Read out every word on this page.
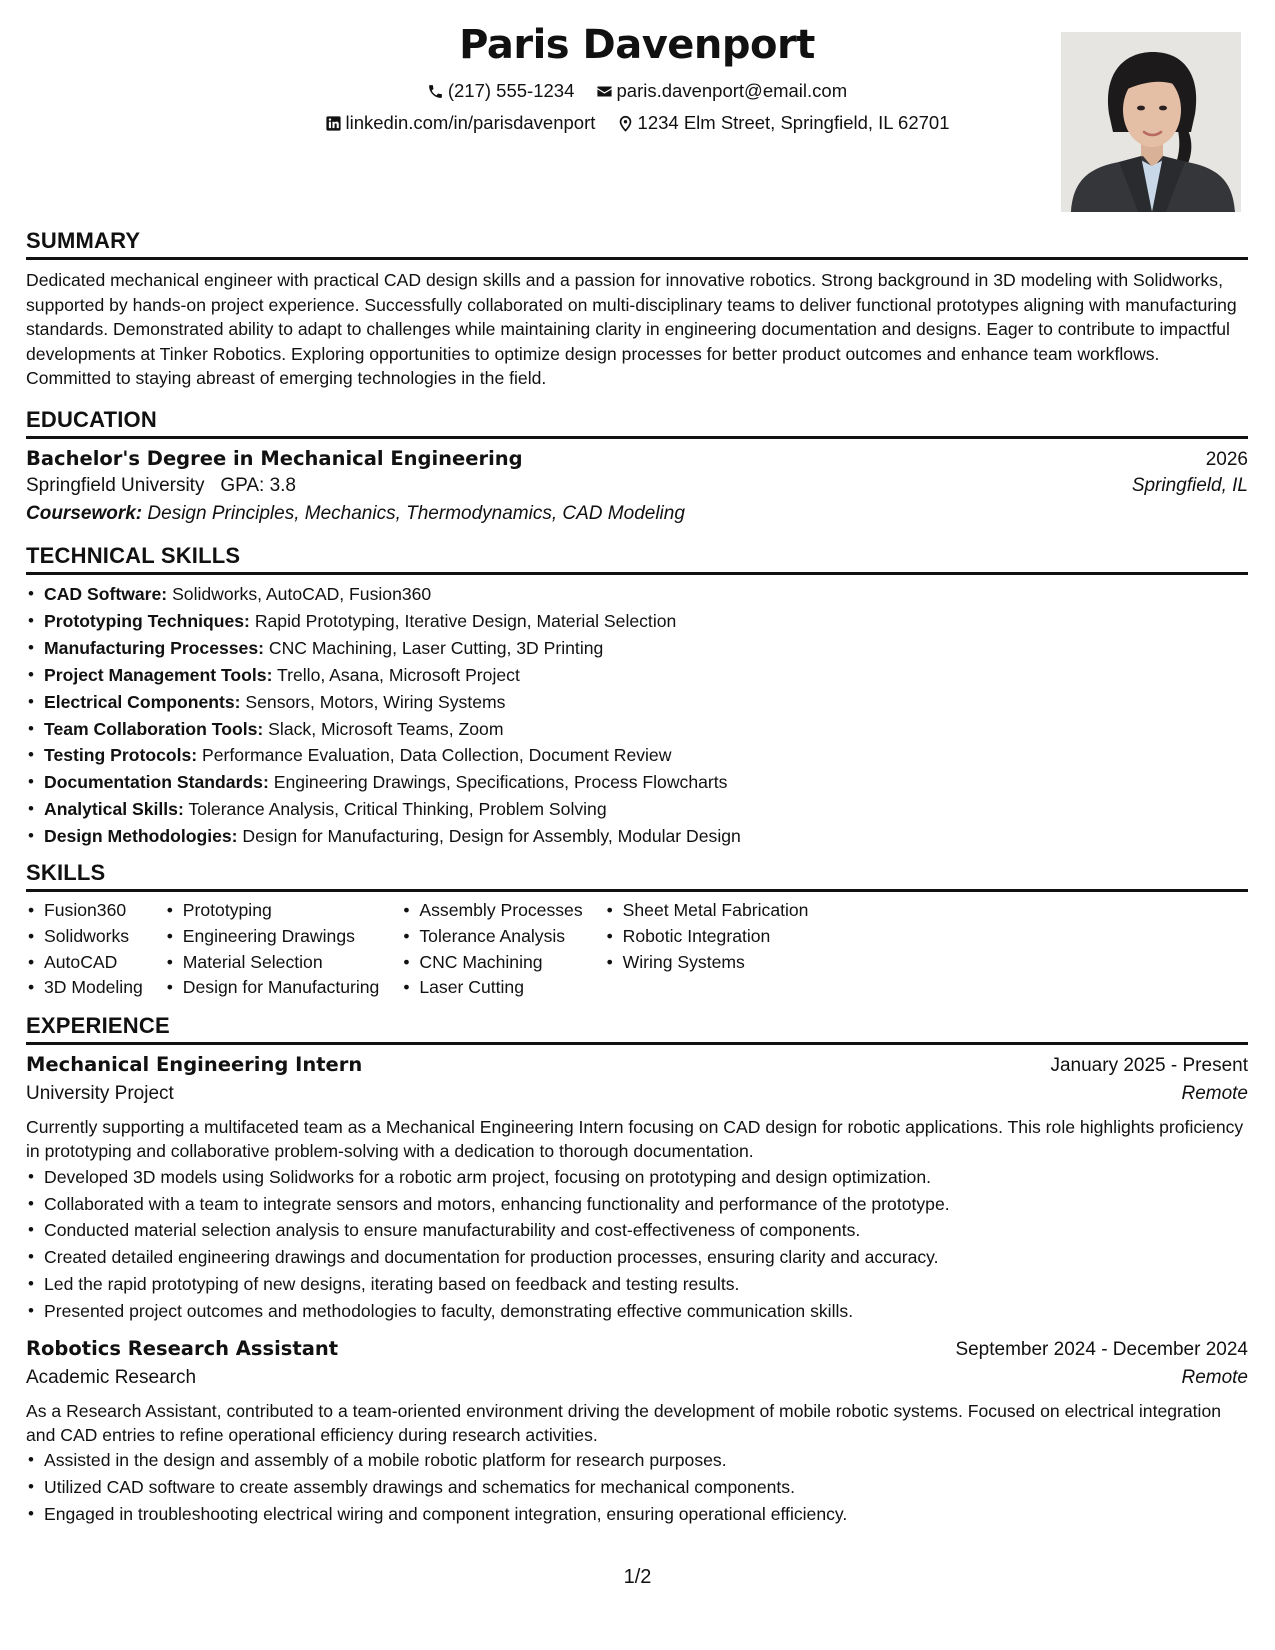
Paris Davenport
(217) 555-1234
paris.davenport@email.com
linkedin.com/in/parisdavenport
1234 Elm Street, Springfield, IL 62701
SUMMARY

Dedicated mechanical engineer with practical CAD design skills and a passion for innovative robotics. Strong background in 3D modeling with Solidworks, supported by hands-on project experience. Successfully collaborated on multi-disciplinary teams to deliver functional prototypes aligning with manufacturing standards. Demonstrated ability to adapt to challenges while maintaining clarity in engineering documentation and designs. Eager to contribute to impactful developments at Tinker Robotics. Exploring opportunities to optimize design processes for better product outcomes and enhance team workflows. Committed to staying abreast of emerging technologies in the field.

EDUCATION
Bachelor's Degree in Mechanical Engineering	2026
Springfield University GPA: 3.8	Springfield, IL
Coursework: Design Principles, Mechanics, Thermodynamics, CAD Modeling
TECHNICAL SKILLS
• CAD Software: Solidworks, AutoCAD, Fusion360
• Prototyping Techniques: Rapid Prototyping, Iterative Design, Material Selection
• Manufacturing Processes: CNC Machining, Laser Cutting, 3D Printing
• Project Management Tools: Trello, Asana, Microsoft Project
• Electrical Components: Sensors, Motors, Wiring Systems
• Team Collaboration Tools: Slack, Microsoft Teams, Zoom
• Testing Protocols: Performance Evaluation, Data Collection, Document Review
• Documentation Standards: Engineering Drawings, Specifications, Process Flowcharts
• Analytical Skills: Tolerance Analysis, Critical Thinking, Problem Solving
• Design Methodologies: Design for Manufacturing, Design for Assembly, Modular Design
SKILLS
• Fusion360
• Solidworks
• AutoCAD
• 3D Modeling
• Prototyping
• Engineering Drawings
• Material Selection
• Design for Manufacturing
• Assembly Processes
• Tolerance Analysis
• CNC Machining
• Laser Cutting
• Sheet Metal Fabrication
• Robotic Integration
• Wiring Systems
EXPERIENCE
Mechanical Engineering Intern	January 2025 - Present
University Project	Remote

Currently supporting a multifaceted team as a Mechanical Engineering Intern focusing on CAD design for robotic applications. This role highlights proficiency in prototyping and collaborative problem-solving with a dedication to thorough documentation.

• Developed 3D models using Solidworks for a robotic arm project, focusing on prototyping and design optimization.
• Collaborated with a team to integrate sensors and motors, enhancing functionality and performance of the prototype.
• Conducted material selection analysis to ensure manufacturability and cost-effectiveness of components.
• Created detailed engineering drawings and documentation for production processes, ensuring clarity and accuracy.
• Led the rapid prototyping of new designs, iterating based on feedback and testing results.
• Presented project outcomes and methodologies to faculty, demonstrating effective communication skills.
Robotics Research Assistant	September 2024 - December 2024
Academic Research	Remote

As a Research Assistant, contributed to a team-oriented environment driving the development of mobile robotic systems. Focused on electrical integration and CAD entries to refine operational efficiency during research activities.

• Assisted in the design and assembly of a mobile robotic platform for research purposes.
• Utilized CAD software to create assembly drawings and schematics for mechanical components.
• Engaged in troubleshooting electrical wiring and component integration, ensuring operational efficiency.
1/2
